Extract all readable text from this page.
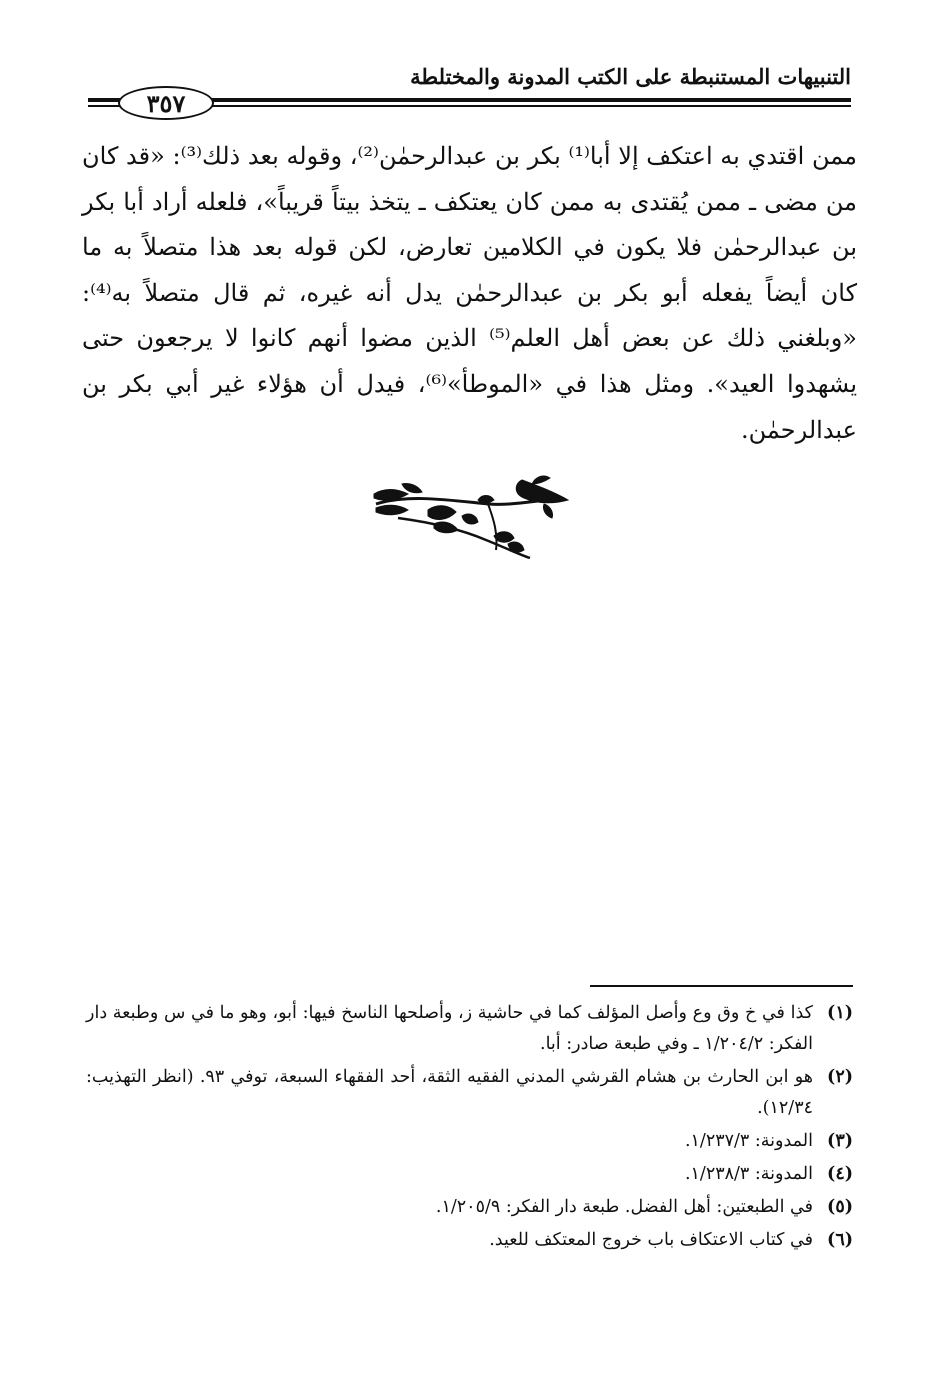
التنبيهات المستنبطة على الكتب المدونة والمختلطة
٣٥٧

ممن اقتدي به اعتكف إلا أبا⁽¹⁾ بكر بن عبدالرحمٰن⁽²⁾، وقوله بعد ذلك⁽³⁾: «قد كان من مضى ـ ممن يُقتدى به ممن كان يعتكف ـ يتخذ بيتاً قريباً»، فلعله أراد أبا بكر بن عبدالرحمٰن فلا يكون في الكلامين تعارض، لكن قوله بعد هذا متصلاً به ما كان أيضاً يفعله أبو بكر بن عبدالرحمٰن يدل أنه غيره، ثم قال متصلاً به⁽⁴⁾: «وبلغني ذلك عن بعض أهل العلم⁽⁵⁾ الذين مضوا أنهم كانوا لا يرجعون حتى يشهدوا العيد». ومثل هذا في «الموطأ»⁽⁶⁾، فيدل أن هؤلاء غير أبي بكر بن عبدالرحمٰن.

(١)
كذا في خ وق وع وأصل المؤلف كما في حاشية ز، وأصلحها الناسخ فيها: أبو، وهو ما في س وطبعة دار الفكر: ١/٢٠٤/٢ ـ وفي طبعة صادر: أبا.
(٢)
هو ابن الحارث بن هشام القرشي المدني الفقيه الثقة، أحد الفقهاء السبعة، توفي ٩٣. (انظر التهذيب: ١٢/٣٤).
(٣)
المدونة: ١/٢٣٧/٣.
(٤)
المدونة: ١/٢٣٨/٣.
(٥)
في الطبعتين: أهل الفضل. طبعة دار الفكر: ١/٢٠٥/٩.
(٦)
في كتاب الاعتكاف باب خروج المعتكف للعيد.
